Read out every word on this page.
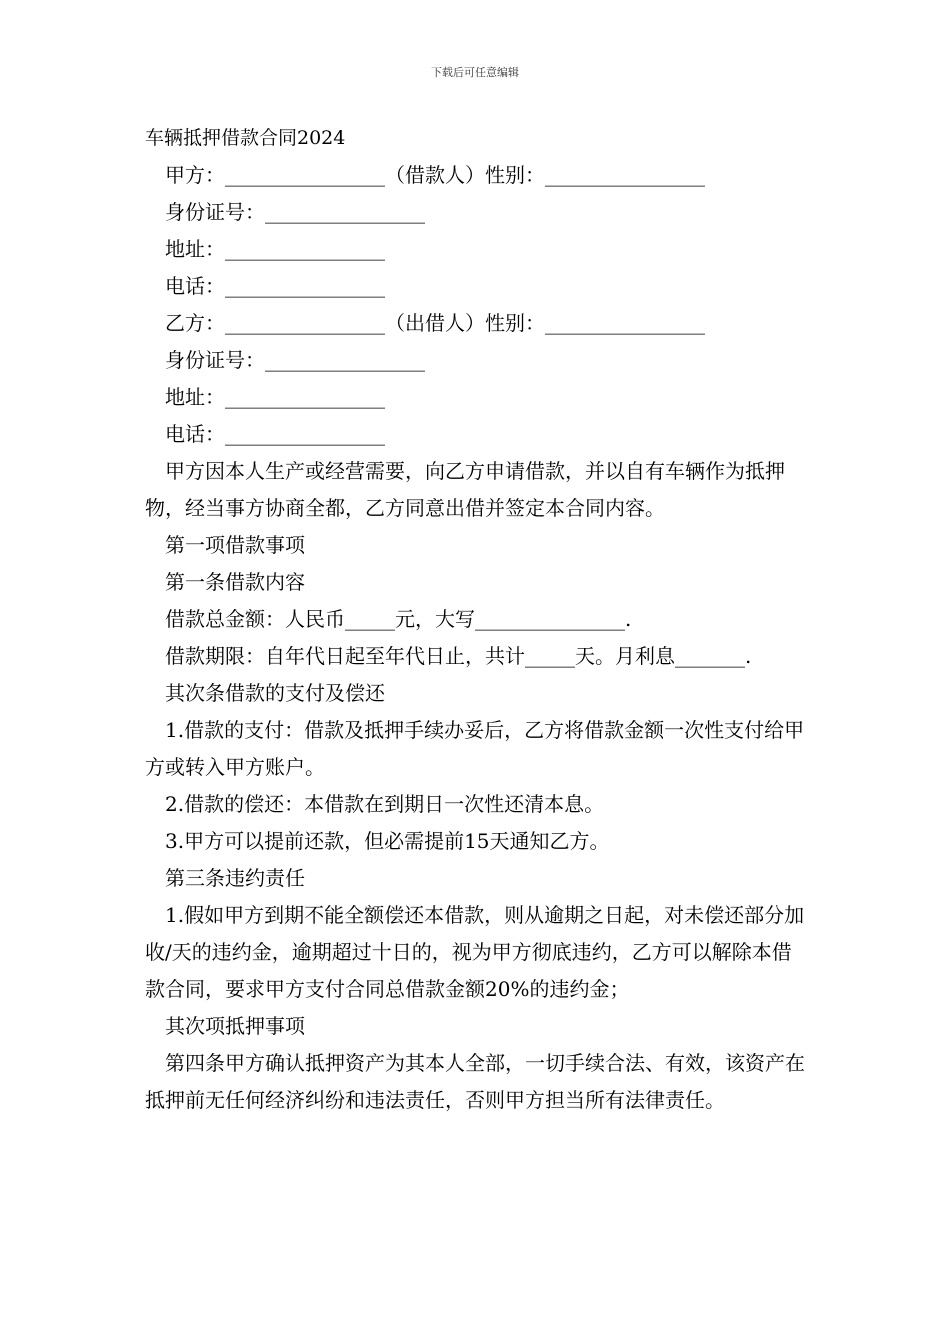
下载后可任意编辑

车辆抵押借款合同2024

甲方：________________（借款人）性别：________________

身份证号：________________

地址：________________

电话：________________

乙方：________________（出借人）性别：________________

身份证号：________________

地址：________________

电话：________________

甲方因本人生产或经营需要，向乙方申请借款，并以自有车辆作为抵押物，经当事方协商全都，乙方同意出借并签定本合同内容。

第一项借款事项

第一条借款内容

借款总金额：人民币_____元，大写_______________.

借款期限：自年代日起至年代日止，共计_____天。月利息_______.

其次条借款的支付及偿还

1.借款的支付：借款及抵押手续办妥后，乙方将借款金额一次性支付给甲方或转入甲方账户。

2.借款的偿还：本借款在到期日一次性还清本息。

3.甲方可以提前还款，但必需提前15天通知乙方。

第三条违约责任

1.假如甲方到期不能全额偿还本借款，则从逾期之日起，对未偿还部分加收/天的违约金，逾期超过十日的，视为甲方彻底违约，乙方可以解除本借款合同，要求甲方支付合同总借款金额20%的违约金；

其次项抵押事项

第四条甲方确认抵押资产为其本人全部，一切手续合法、有效，该资产在抵押前无任何经济纠纷和违法责任，否则甲方担当所有法律责任。
